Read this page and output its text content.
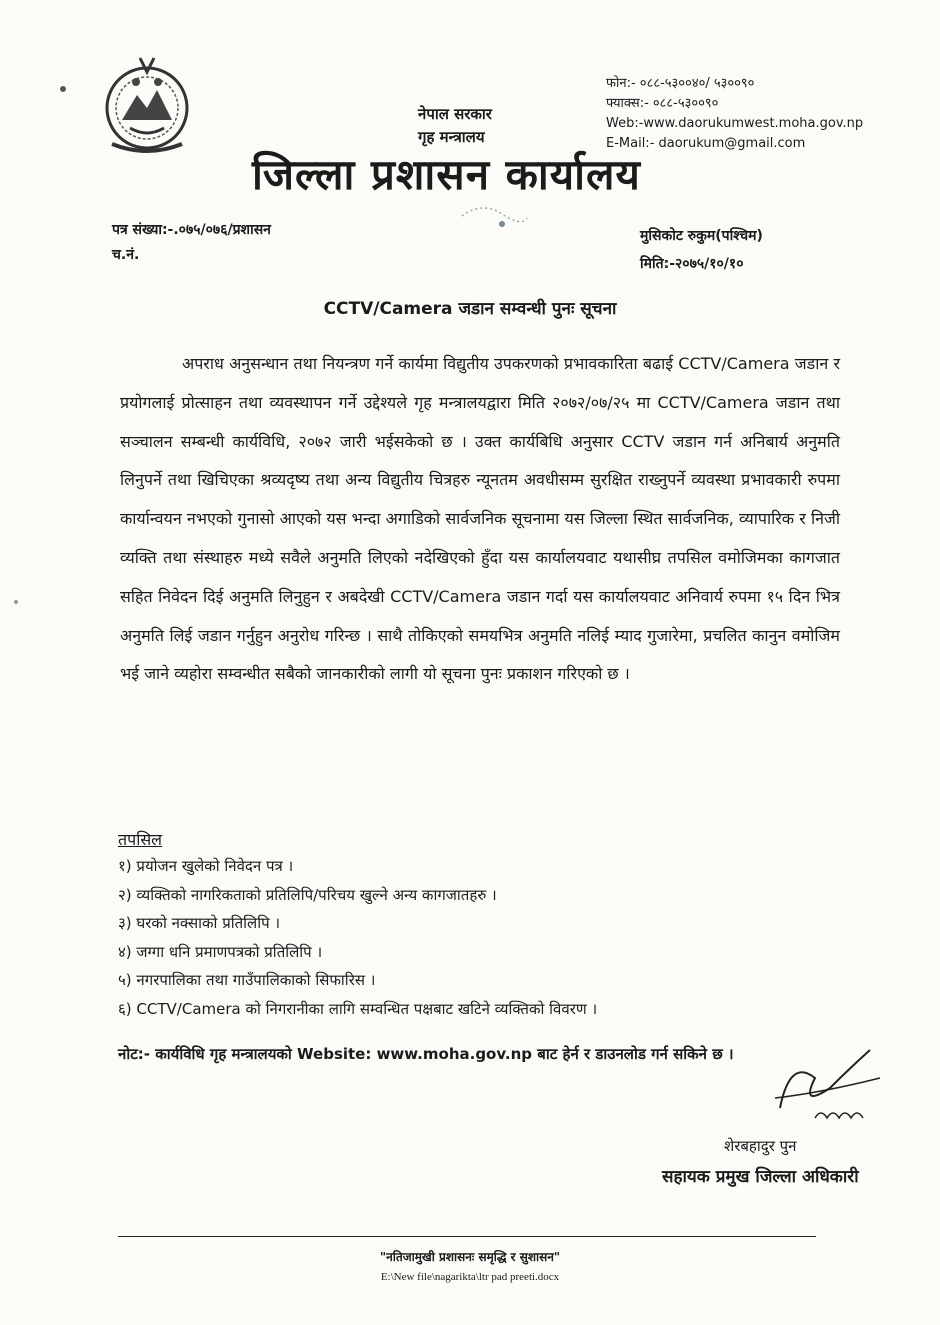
नेपाल सरकार
गृह मन्त्रालय
फोन:- ०८८-५३००४०/ ५३००९०
फ्याक्स:- ०८८-५३००९०
Web:-www.daorukumwest.moha.gov.np
E-Mail:- daorukum@gmail.com
जिल्ला प्रशासन कार्यालय
पत्र संख्या:-.०७५/०७६/प्रशासन
च.नं.
मुसिकोट रुकुम(पश्चिम)
मिति:-२०७५/१०/१०
CCTV/Camera जडान सम्वन्धी पुनः सूचना
अपराध अनुसन्धान तथा नियन्त्रण गर्ने कार्यमा विद्युतीय उपकरणको प्रभावकारिता बढाई CCTV/Camera जडान र प्रयोगलाई प्रोत्साहन तथा व्यवस्थापन गर्ने उद्देश्यले गृह मन्त्रालयद्वारा मिति २०७२/०७/२५ मा CCTV/Camera जडान तथा सञ्चालन सम्बन्धी कार्यविधि, २०७२ जारी भईसकेको छ । उक्त कार्यबिधि अनुसार CCTV जडान गर्न अनिबार्य अनुमति लिनुपर्ने तथा खिचिएका श्रव्यदृष्य तथा अन्य विद्युतीय चित्रहरु न्यूनतम अवधीसम्म सुरक्षित राख्नुपर्ने व्यवस्था प्रभावकारी रुपमा कार्यान्वयन नभएको गुनासो आएको यस भन्दा अगाडिको सार्वजनिक सूचनामा यस जिल्ला स्थित सार्वजनिक, व्यापारिक र निजी व्यक्ति तथा संस्थाहरु मध्ये सवैले अनुमति लिएको नदेखिएको हुँदा यस कार्यालयवाट यथासीघ्र तपसिल वमोजिमका कागजात सहित निवेदन दिई अनुमति लिनुहुन र अबदेखी CCTV/Camera जडान गर्दा यस कार्यालयवाट अनिवार्य रुपमा १५ दिन भित्र अनुमति लिई जडान गर्नुहुन अनुरोध गरिन्छ । साथै तोकिएको समयभित्र अनुमति नलिई म्याद गुजारेमा, प्रचलित कानुन वमोजिम भई जाने व्यहोरा सम्वन्धीत सबैको जानकारीको लागी यो सूचना पुनः प्रकाशन गरिएको छ ।
तपसिल
१) प्रयोजन खुलेको निवेदन पत्र ।
२) व्यक्तिको नागरिकताको प्रतिलिपि/परिचय खुल्ने अन्य कागजातहरु ।
३) घरको नक्साको प्रतिलिपि ।
४) जग्गा धनि प्रमाणपत्रको प्रतिलिपि ।
५) नगरपालिका तथा गाउँपालिकाको सिफारिस ।
६) CCTV/Camera को निगरानीका लागि सम्वन्धित पक्षबाट खटिने व्यक्तिको विवरण ।
नोट:- कार्यविधि गृह मन्त्रालयको Website: www.moha.gov.np बाट हेर्न र डाउनलोड गर्न सकिने छ ।
शेरबहादुर पुन
सहायक प्रमुख जिल्ला अधिकारी
"नतिजामुखी प्रशासनः समृद्धि र सुशासन"
E:\New file\nagarikta\ltr pad preeti.docx
